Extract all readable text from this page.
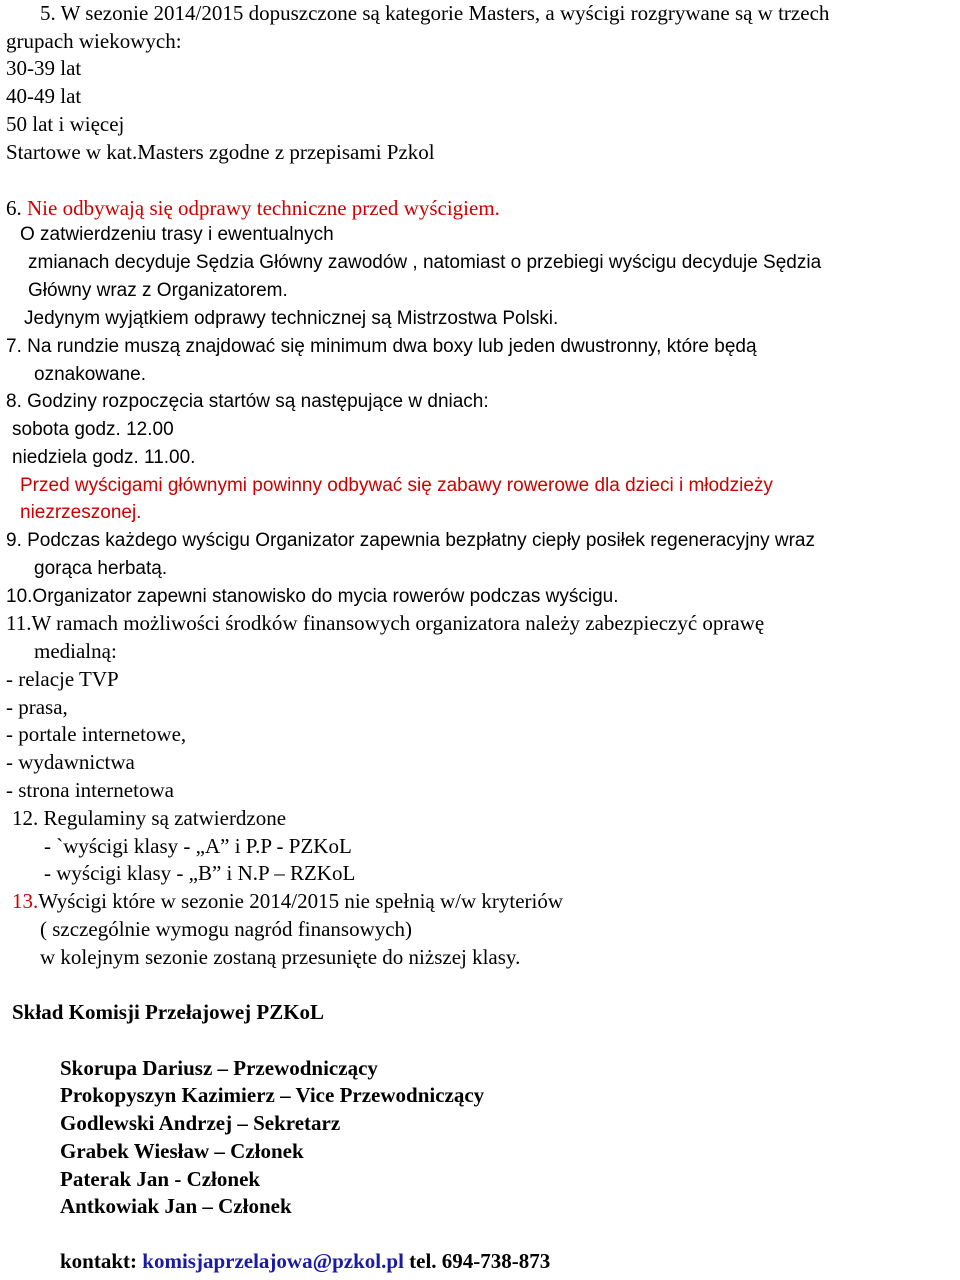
5. W sezonie 2014/2015 dopuszczone są kategorie Masters, a wyścigi rozgrywane są w trzech
grupach wiekowych:
30-39 lat
40-49 lat
50 lat i więcej
Startowe w kat.Masters zgodne z przepisami Pzkol
6. Nie odbywają się odprawy techniczne przed wyścigiem.
O zatwierdzeniu trasy i ewentualnych
zmianach decyduje Sędzia Główny zawodów , natomiast o przebiegi wyścigu decyduje Sędzia
Główny wraz z Organizatorem.
Jedynym wyjątkiem odprawy technicznej są Mistrzostwa Polski.
7. Na rundzie muszą znajdować się minimum dwa boxy lub jeden dwustronny, które będą
oznakowane.
8. Godziny rozpoczęcia startów są następujące w dniach:
sobota godz. 12.00
niedziela godz. 11.00.
Przed wyścigami głównymi powinny odbywać się zabawy rowerowe dla dzieci i młodzieży
niezrzeszonej.
9. Podczas każdego wyścigu Organizator zapewnia bezpłatny ciepły posiłek regeneracyjny wraz
gorąca herbatą.
10.Organizator zapewni stanowisko do mycia rowerów podczas wyścigu.
11.W ramach możliwości środków finansowych organizatora należy zabezpieczyć oprawę
medialną:
- relacje TVP
- prasa,
- portale internetowe,
- wydawnictwa
- strona internetowa
12. Regulaminy są zatwierdzone
- `wyścigi klasy - „A” i P.P - PZKoL
- wyścigi klasy - „B” i N.P – RZKoL
13.Wyścigi które w sezonie 2014/2015 nie spełnią w/w kryteriów
( szczególnie wymogu nagród finansowych)
w kolejnym sezonie zostaną przesunięte do niższej klasy.
Skład Komisji Przełajowej PZKoL
Skorupa Dariusz – Przewodniczący
Prokopyszyn Kazimierz – Vice Przewodniczący
Godlewski Andrzej – Sekretarz
Grabek Wiesław – Członek
Paterak Jan - Członek
Antkowiak Jan – Członek
kontakt: komisjaprzelajowa@pzkol.pl tel. 694-738-873
